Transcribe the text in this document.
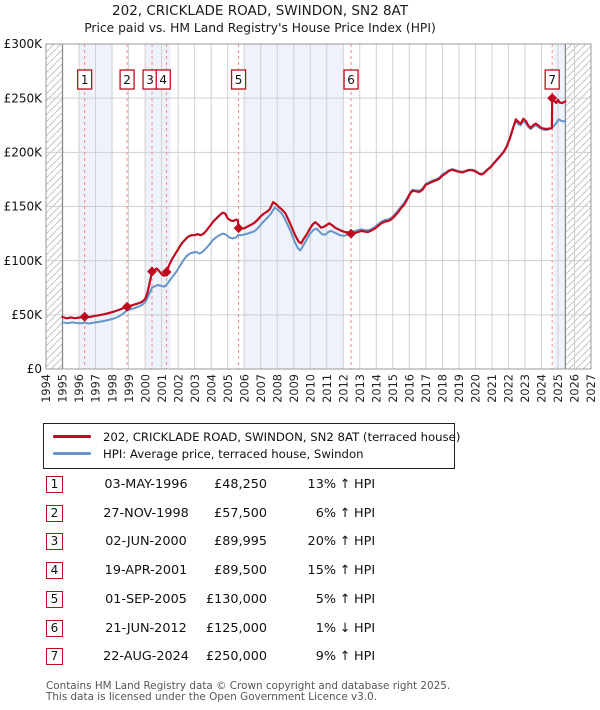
202, CRICKLADE ROAD, SWINDON, SN2 8AT
Price paid vs. HM Land Registry's House Price Index (HPI)
£0
£50K
£100K
£150K
£200K
£250K
£300K
1994 1995 1996 1997 1998 1999 2000 2001 2002 2003 2004 2005 2006 2007 2008 2009 2010 2011 2012 2013 2014 2015 2016 2017 2018 2019 2020 2021 2022 2023 2024 2025 2026 2027
1	2 3 4	5	6	7
202, CRICKLADE ROAD, SWINDON, SN2 8AT (terraced house)
HPI: Average price, terraced house, Swindon
1	03-MAY-1996	£48,250	13% ↑ HPI
2	27-NOV-1998	£57,500	6% ↑ HPI
3	02-JUN-2000	£89,995	20% ↑ HPI
4	19-APR-2001	£89,500	15% ↑ HPI
5	01-SEP-2005	£130,000	5% ↑ HPI
6	21-JUN-2012	£125,000	1% ↓ HPI
7	22-AUG-2024	£250,000	9% ↑ HPI
Contains HM Land Registry data © Crown copyright and database right 2025.
This data is licensed under the Open Government Licence v3.0.
